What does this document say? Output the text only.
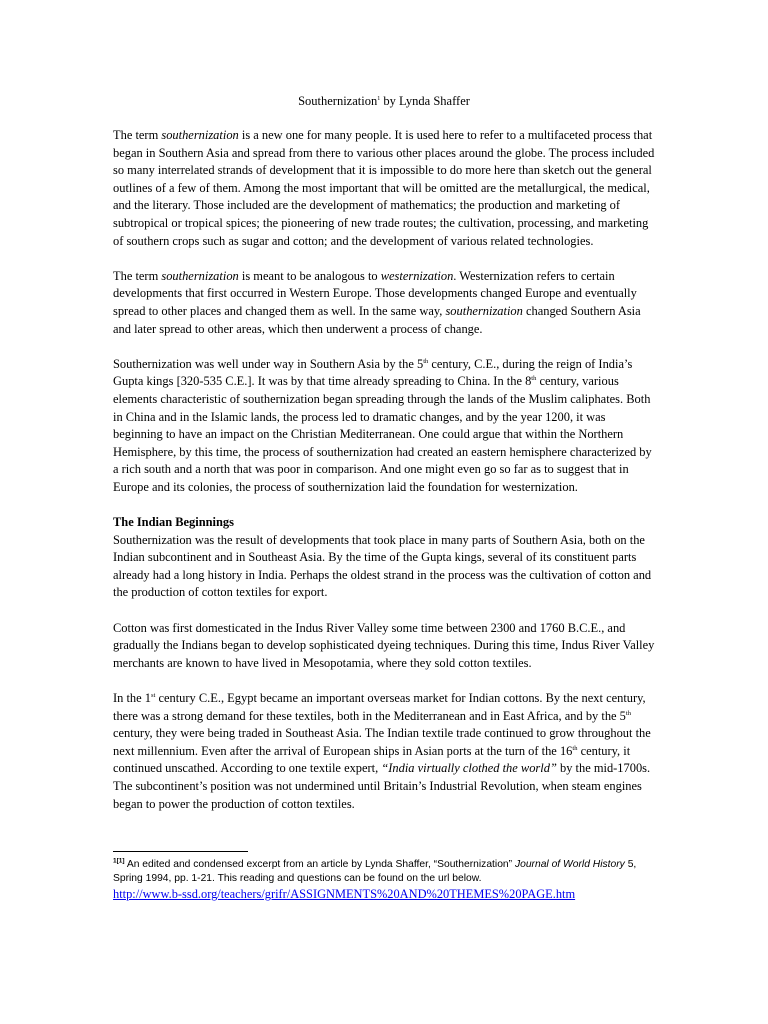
Southernization$^1$ by Lynda Shaffer

The term southernization is a new one for many people. It is used here to refer to a multifaceted process that began in Southern Asia and spread from there to various other places around the globe. The process included so many interrelated strands of development that it is impossible to do more here than sketch out the general outlines of a few of them. Among the most important that will be omitted are the metallurgical, the medical, and the literary. Those included are the development of mathematics; the production and marketing of subtropical or tropical spices; the pioneering of new trade routes; the cultivation, processing, and marketing of southern crops such as sugar and cotton; and the development of various related technologies.

The term southernization is meant to be analogous to westernization. Westernization refers to certain developments that first occurred in Western Europe. Those developments changed Europe and eventually spread to other places and changed them as well. In the same way, southernization changed Southern Asia and later spread to other areas, which then underwent a process of change.

Southernization was well under way in Southern Asia by the 5th century, C.E., during the reign of India’s Gupta kings [320-535 C.E.]. It was by that time already spreading to China. In the 8th century, various elements characteristic of southernization began spreading through the lands of the Muslim caliphates. Both in China and in the Islamic lands, the process led to dramatic changes, and by the year 1200, it was beginning to have an impact on the Christian Mediterranean. One could argue that within the Northern Hemisphere, by this time, the process of southernization had created an eastern hemisphere characterized by a rich south and a north that was poor in comparison. And one might even go so far as to suggest that in Europe and its colonies, the process of southernization laid the foundation for westernization.

The Indian Beginnings
Southernization was the result of developments that took place in many parts of Southern Asia, both on the Indian subcontinent and in Southeast Asia. By the time of the Gupta kings, several of its constituent parts already had a long history in India. Perhaps the oldest strand in the process was the cultivation of cotton and the production of cotton textiles for export.

Cotton was first domesticated in the Indus River Valley some time between 2300 and 1760 B.C.E., and gradually the Indians began to develop sophisticated dyeing techniques. During this time, Indus River Valley merchants are known to have lived in Mesopotamia, where they sold cotton textiles.

In the 1st century C.E., Egypt became an important overseas market for Indian cottons. By the next century, there was a strong demand for these textiles, both in the Mediterranean and in East Africa, and by the 5th century, they were being traded in Southeast Asia. The Indian textile trade continued to grow throughout the next millennium. Even after the arrival of European ships in Asian ports at the turn of the 16th century, it continued unscathed. According to one textile expert, “India virtually clothed the world” by the mid-1700s. The subcontinent’s position was not undermined until Britain’s Industrial Revolution, when steam engines began to power the production of cotton textiles.

$^{1[1]}$ An edited and condensed excerpt from an article by Lynda Shaffer, “Southernization” Journal of World History 5, Spring 1994, pp. 1-21. This reading and questions can be found on the url below.
http://www.b-ssd.org/teachers/grifr/ASSIGNMENTS%20AND%20THEMES%20PAGE.htm
